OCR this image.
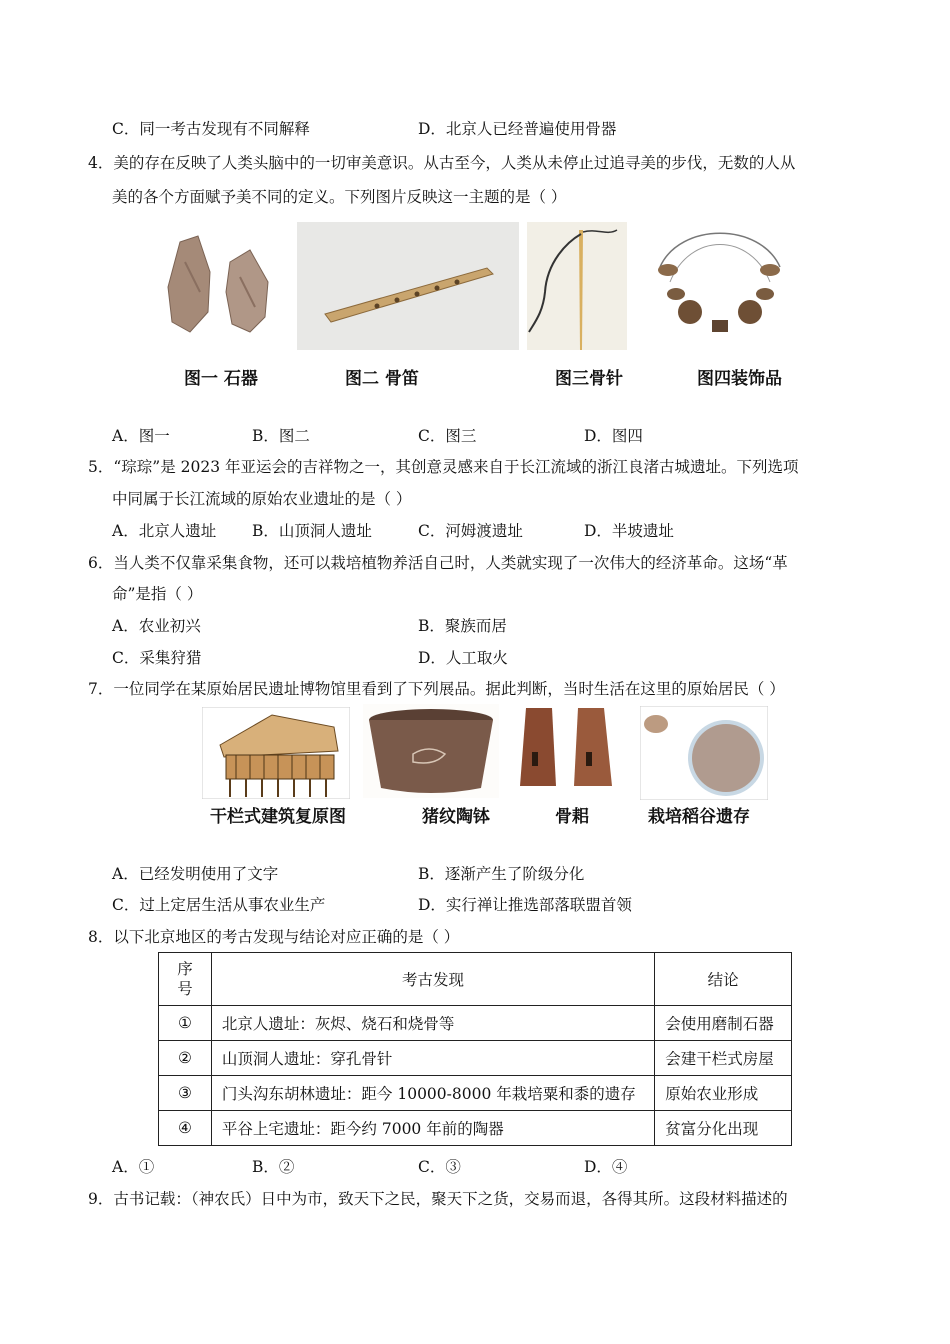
C．同一考古发现有不同解释	D．北京人已经普遍使用骨器
4．美的存在反映了人类头脑中的一切审美意识。从古至今，人类从未停止过追寻美的步伐，无数的人从
美的各个方面赋予美不同的定义。下列图片反映这一主题的是（ ）
图一 石器	图二 骨笛	图三骨针	图四装饰品
A．图一	B．图二	C．图三	D．图四
5．“琮琮”是 2023 年亚运会的吉祥物之一，其创意灵感来自于长江流域的浙江良渚古城遗址。下列选项
中同属于长江流域的原始农业遗址的是（ ）
A．北京人遗址 B．山顶洞人遗址	C．河姆渡遗址	D．半坡遗址
6．当人类不仅靠采集食物，还可以栽培植物养活自己时，人类就实现了一次伟大的经济革命。这场“革
命”是指（ ）
A．农业初兴	B．聚族而居
C．采集狩猎	D．人工取火
7．一位同学在某原始居民遗址博物馆里看到了下列展品。据此判断，当时生活在这里的原始居民（ ）
干栏式建筑复原图	猪纹陶钵	骨耜	栽培稻谷遗存
A．已经发明使用了文字	B．逐渐产生了阶级分化
C．过上定居生活从事农业生产	D．实行禅让推选部落联盟首领
8．以下北京地区的考古发现与结论对应正确的是（ ）
序号	考古发现	结论
①	北京人遗址：灰烬、烧石和烧骨等	会使用磨制石器
②	山顶洞人遗址：穿孔骨针	会建干栏式房屋
③	门头沟东胡林遗址：距今 10000-8000 年栽培粟和黍的遗存	原始农业形成
④	平谷上宅遗址：距今约 7000 年前的陶器	贫富分化出现
A．①	B．②	C．③	D．④
9．古书记载：（神农氏）日中为市，致天下之民，聚天下之货，交易而退，各得其所。这段材料描述的
